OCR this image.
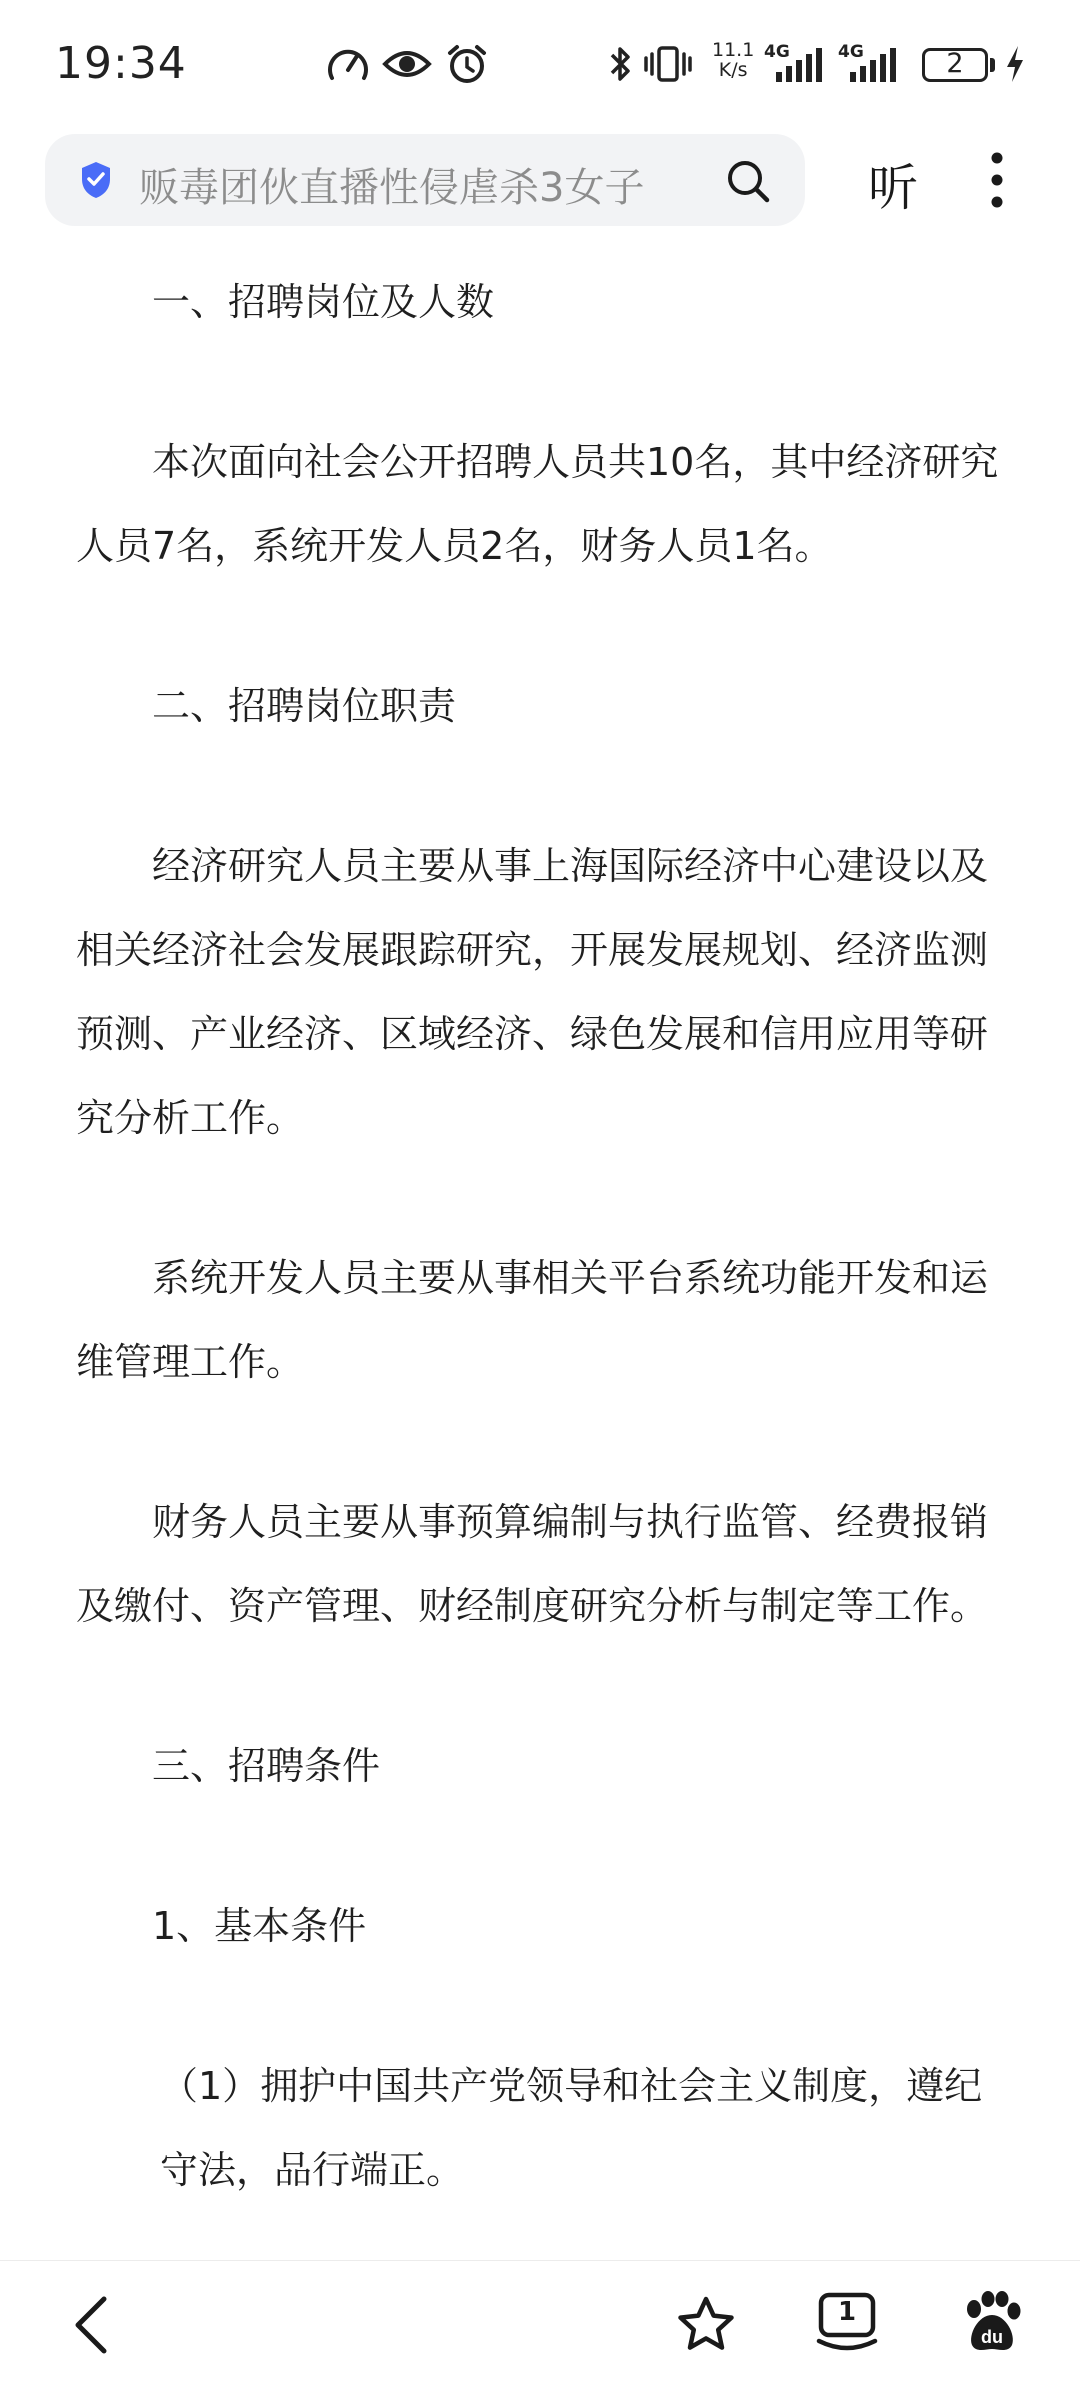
19:34	11.1
K/s
4G	4G	2
贩毒团伙直播性侵虐杀3女子	听

一、招聘岗位及人数

本次面向社会公开招聘人员共10名，其中经济研究人员7名，系统开发人员2名，财务人员1名。

二、招聘岗位职责

经济研究人员主要从事上海国际经济中心建设以及相关经济社会发展跟踪研究，开展发展规划、经济监测预测、产业经济、区域经济、绿色发展和信用应用等研究分析工作。

系统开发人员主要从事相关平台系统功能开发和运维管理工作。

财务人员主要从事预算编制与执行监管、经费报销及缴付、资产管理、财经制度研究分析与制定等工作。

三、招聘条件

1、基本条件

（1）拥护中国共产党领导和社会主义制度，遵纪守法，品行端正。

1
du
